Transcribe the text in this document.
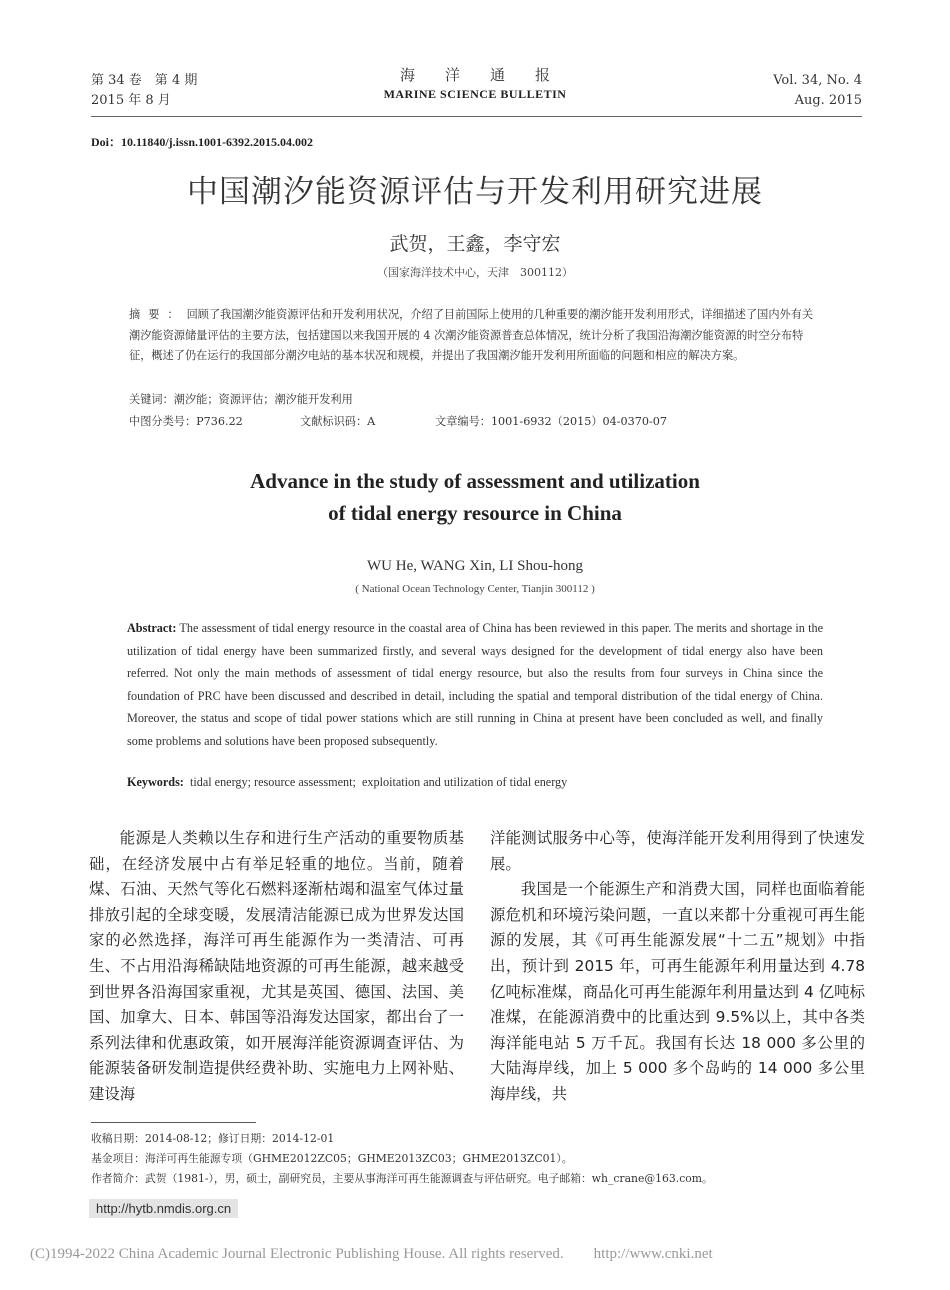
第 34 卷　第 4 期
2015 年 8 月
海洋通报
MARINE SCIENCE BULLETIN
Vol. 34, No. 4
Aug. 2015
Doi：10.11840/j.issn.1001-6392.2015.04.002
中国潮汐能资源评估与开发利用研究进展
武贺，王鑫，李守宏
（国家海洋技术中心，天津　300112）
摘要：回顾了我国潮汐能资源评估和开发利用状况，介绍了目前国际上使用的几种重要的潮汐能开发利用形式，详细描述了国内外有关潮汐能资源储量评估的主要方法，包括建国以来我国开展的 4 次潮汐能资源普查总体情况，统计分析了我国沿海潮汐能资源的时空分布特征，概述了仍在运行的我国部分潮汐电站的基本状况和规模，并提出了我国潮汐能开发利用所面临的问题和相应的解决方案。
关键词：潮汐能；资源评估；潮汐能开发利用
中图分类号：P736.22	文献标识码：A	文章编号：1001-6932（2015）04-0370-07
Advance in the study of assessment and utilization
of tidal energy resource in China
WU He, WANG Xin, LI Shou-hong
( National Ocean Technology Center, Tianjin 300112 )
Abstract: The assessment of tidal energy resource in the coastal area of China has been reviewed in this paper. The merits and shortage in the utilization of tidal energy have been summarized firstly, and several ways designed for the development of tidal energy also have been referred. Not only the main methods of assessment of tidal energy resource, but also the results from four surveys in China since the foundation of PRC have been discussed and described in detail, including the spatial and temporal distribution of the tidal energy of China. Moreover, the status and scope of tidal power stations which are still running in China at present have been concluded as well, and finally some problems and solutions have been proposed subsequently.
Keywords:  tidal energy; resource assessment;  exploitation and utilization of tidal energy

能源是人类赖以生存和进行生产活动的重要物质基础，在经济发展中占有举足轻重的地位。当前，随着煤、石油、天然气等化石燃料逐渐枯竭和温室气体过量排放引起的全球变暖，发展清洁能源已成为世界发达国家的必然选择，海洋可再生能源作为一类清洁、可再生、不占用沿海稀缺陆地资源的可再生能源，越来越受到世界各沿海国家重视，尤其是英国、德国、法国、美国、加拿大、日本、韩国等沿海发达国家，都出台了一系列法律和优惠政策，如开展海洋能资源调查评估、为能源装备研发制造提供经费补助、实施电力上网补贴、建设海

洋能测试服务中心等，使海洋能开发利用得到了快速发展。

我国是一个能源生产和消费大国，同样也面临着能源危机和环境污染问题，一直以来都十分重视可再生能源的发展，其《可再生能源发展“十二五”规划》中指出，预计到 2015 年，可再生能源年利用量达到 4.78 亿吨标准煤，商品化可再生能源年利用量达到 4 亿吨标准煤，在能源消费中的比重达到 9.5%以上，其中各类海洋能电站 5 万千瓦。我国有长达 18 000 多公里的大陆海岸线，加上 5 000 多个岛屿的 14 000 多公里海岸线，共

收稿日期：2014-08-12；修订日期：2014-12-01
基金项目：海洋可再生能源专项（GHME2012ZC05；GHME2013ZC03；GHME2013ZC01）。
作者简介：武贺（1981-），男，硕士，副研究员，主要从事海洋可再生能源调查与评估研究。电子邮箱：wh_crane@163.com。
http://hytb.nmdis.org.cn
(C)1994-2022 China Academic Journal Electronic Publishing House. All rights reserved.　　http://www.cnki.net
